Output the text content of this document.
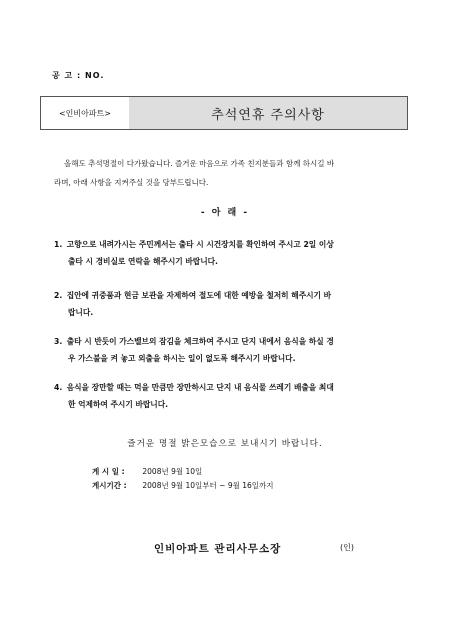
공 고 : NO.
<인비아파트>	추석연휴 주의사항
올해도 추석명절이 다가왔습니다. 즐거운 마음으로 가족 친지분들과 함께 하시길 바
라며, 아래 사항을 지켜주실 것을 당부드립니다.
- 아 래 -
1. 고향으로 내려가시는 주민께서는 출타 시 시건장치를 확인하여 주시고 2일 이상
출타 시 경비실로 연락을 해주시기 바랍니다.
2. 집안에 귀중품과 현금 보관을 자제하여 절도에 대한 예방을 철저히 해주시기 바
랍니다.
3. 출타 시 반듯이 가스밸브의 잠김을 체크하여 주시고 단지 내에서 음식을 하실 경
우 가스불을 켜 놓고 외출을 하시는 일이 없도록 해주시기 바랍니다.
4. 음식을 장만할 때는 먹을 만큼만 장만하시고 단지 내 음식물 쓰레기 배출을 최대
한 억제하여 주시기 바랍니다.
즐거운 명절 밝은모습으로 보내시기 바랍니다.
게 시 일 : 2008년 9월 10일
게시기간 : 2008년 9월 10일부터 ~ 9월 16일까지
인비아파트 관리사무소장	(인)
